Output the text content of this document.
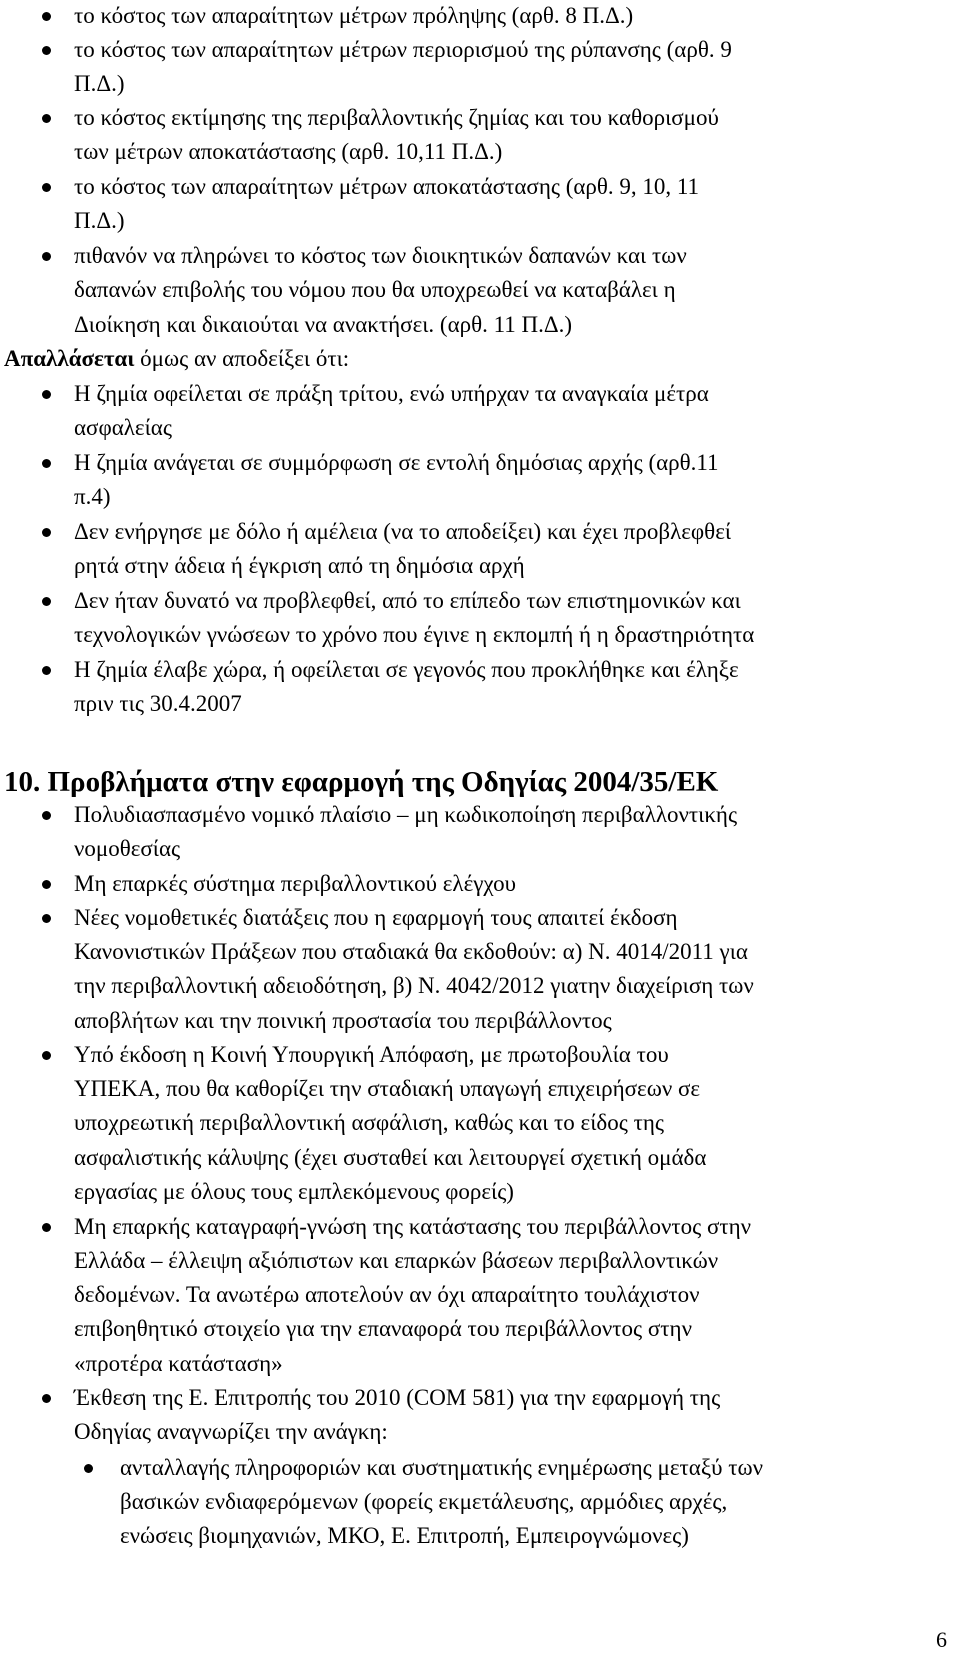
το κόστος των απαραίτητων μέτρων πρόληψης (αρθ. 8 Π.Δ.)
το κόστος των απαραίτητων μέτρων περιορισμού της ρύπανσης (αρθ. 9
Π.Δ.)
το κόστος εκτίμησης της περιβαλλοντικής ζημίας και του καθορισμού
των μέτρων αποκατάστασης (αρθ. 10,11 Π.Δ.)
το κόστος των απαραίτητων μέτρων αποκατάστασης (αρθ. 9, 10, 11
Π.Δ.)
πιθανόν να πληρώνει το κόστος των διοικητικών δαπανών και των
δαπανών επιβολής του νόμου που θα υποχρεωθεί να καταβάλει η
Διοίκηση και δικαιούται να ανακτήσει. (αρθ. 11 Π.Δ.)
Απαλλάσεται όμως αν αποδείξει ότι:
Η ζημία οφείλεται σε πράξη τρίτου, ενώ υπήρχαν τα αναγκαία μέτρα
ασφαλείας
Η ζημία ανάγεται σε συμμόρφωση σε εντολή δημόσιας αρχής (αρθ.11
π.4)
Δεν ενήργησε με δόλο ή αμέλεια (να το αποδείξει) και έχει προβλεφθεί
ρητά στην άδεια ή έγκριση από τη δημόσια αρχή
Δεν ήταν δυνατό να προβλεφθεί, από το επίπεδο των επιστημονικών και
τεχνολογικών γνώσεων το χρόνο που έγινε η εκπομπή ή η δραστηριότητα
Η ζημία έλαβε χώρα, ή οφείλεται σε γεγονός που προκλήθηκε και έληξε
πριν τις 30.4.2007
10. Προβλήματα στην εφαρμογή της Οδηγίας 2004/35/ΕΚ
Πολυδιασπασμένο νομικό πλαίσιο – μη κωδικοποίηση περιβαλλοντικής
νομοθεσίας
Μη επαρκές σύστημα περιβαλλοντικού ελέγχου
Νέες νομοθετικές διατάξεις που η εφαρμογή τους απαιτεί έκδοση
Κανονιστικών Πράξεων που σταδιακά θα εκδοθούν: α) Ν. 4014/2011 για
την περιβαλλοντική αδειοδότηση, β) Ν. 4042/2012 γιατην διαχείριση των
αποβλήτων και την ποινική προστασία του περιβάλλοντος
Υπό έκδοση η Κοινή Υπουργική Απόφαση, με πρωτοβουλία του
ΥΠΕΚΑ, που θα καθορίζει την σταδιακή υπαγωγή επιχειρήσεων σε
υποχρεωτική περιβαλλοντική ασφάλιση, καθώς και το είδος της
ασφαλιστικής κάλυψης (έχει συσταθεί και λειτουργεί σχετική ομάδα
εργασίας με όλους τους εμπλεκόμενους φορείς)
Μη επαρκής καταγραφή-γνώση της κατάστασης του περιβάλλοντος στην
Ελλάδα – έλλειψη αξιόπιστων και επαρκών βάσεων περιβαλλοντικών
δεδομένων. Τα ανωτέρω αποτελούν αν όχι απαραίτητο τουλάχιστον
επιβοηθητικό στοιχείο για την επαναφορά του περιβάλλοντος στην
«προτέρα κατάσταση»
Έκθεση της Ε. Επιτροπής του 2010 (COM 581) για την εφαρμογή της
Οδηγίας αναγνωρίζει την ανάγκη:
ανταλλαγής πληροφοριών και συστηματικής ενημέρωσης μεταξύ των
βασικών ενδιαφερόμενων (φορείς εκμετάλευσης, αρμόδιες αρχές,
ενώσεις βιομηχανιών, ΜΚΟ, Ε. Επιτροπή, Εμπειρογνώμονες)
6
